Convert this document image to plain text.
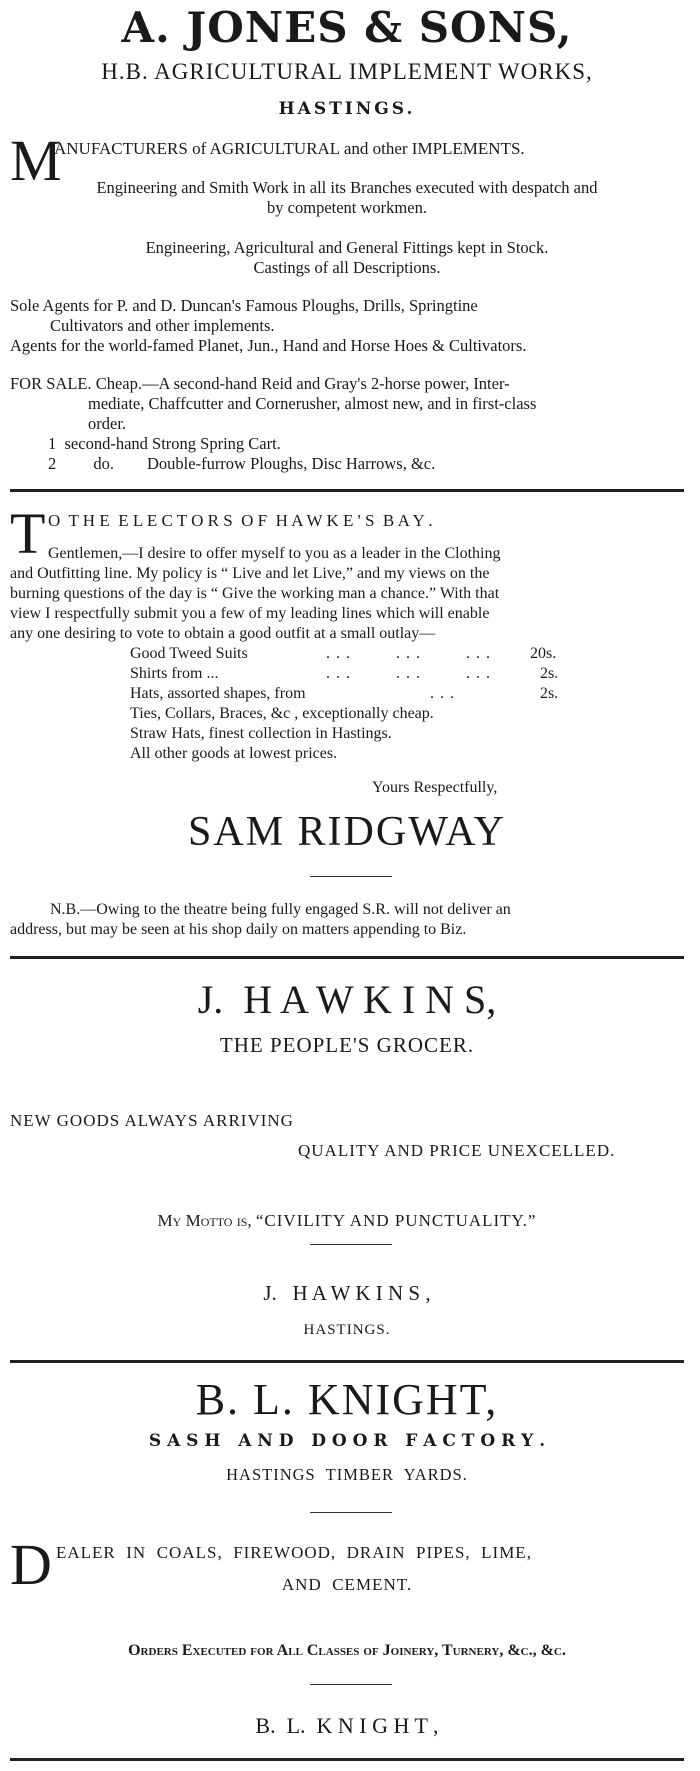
A. JONES & SONS,
H.B. AGRICULTURAL IMPLEMENT WORKS,
HASTINGS.
M
ANUFACTURERS of AGRICULTURAL and other IMPLEMENTS.
Engineering and Smith Work in all its Branches executed with despatch and
by competent workmen.
Engineering, Agricultural and General Fittings kept in Stock.
Castings of all Descriptions.
Sole Agents for P. and D. Duncan's Famous Ploughs, Drills, Springtine
Cultivators and other implements.
Agents for the world-famed Planet, Jun., Hand and Horse Hoes & Cultivators.
FOR SALE. Cheap.—A second-hand Reid and Gray's 2-horse power, Inter-
mediate, Chaffcutter and Cornerusher, almost new, and in first-class
order.
1  second-hand Strong Spring Cart.
2         do.        Double-furrow Ploughs, Disc Harrows, &c.
T O  T H E  E L E C T O R S  O F  H A W K E ' S  B A Y .
Gentlemen,—I desire to offer myself to you as a leader in the Clothing
and Outfitting line. My policy is “ Live and let Live,” and my views on the
burning questions of the day is “ Give the working man a chance.” With that
view I respectfully submit you a few of my leading lines which will enable
any one desiring to vote to obtain a good outfit at a small outlay—
Good Tweed Suits	...    ...    ... 20s.
Shirts from ...	...    ...    ...	2s.
Hats, assorted shapes, from	...	2s.
Ties, Collars, Braces, &c , exceptionally cheap.
Straw Hats, finest collection in Hastings.
All other goods at lowest prices.
Yours Respectfully,
SAM RIDGWAY
N.B.—Owing to the theatre being fully engaged S.R. will not deliver an
address, but may be seen at his shop daily on matters appending to Biz.
J.  H A W K I N S,
THE PEOPLE'S GROCER.
NEW GOODS ALWAYS ARRIVING
QUALITY AND PRICE UNEXCELLED.
My Motto is, “CIVILITY AND PUNCTUALITY.”
J.   H A W K I N S ,
HASTINGS.
B. L. KNIGHT,
S A S H   A N D   D O O R   F A C T O R Y .
HASTINGS  TIMBER  YARDS.
D EALER  IN  COALS,  FIREWOOD,  DRAIN  PIPES,  LIME,
AND  CEMENT.
Orders Executed for All Classes of Joinery, Turnery, &c., &c.
B.  L.  K N I G H T ,
